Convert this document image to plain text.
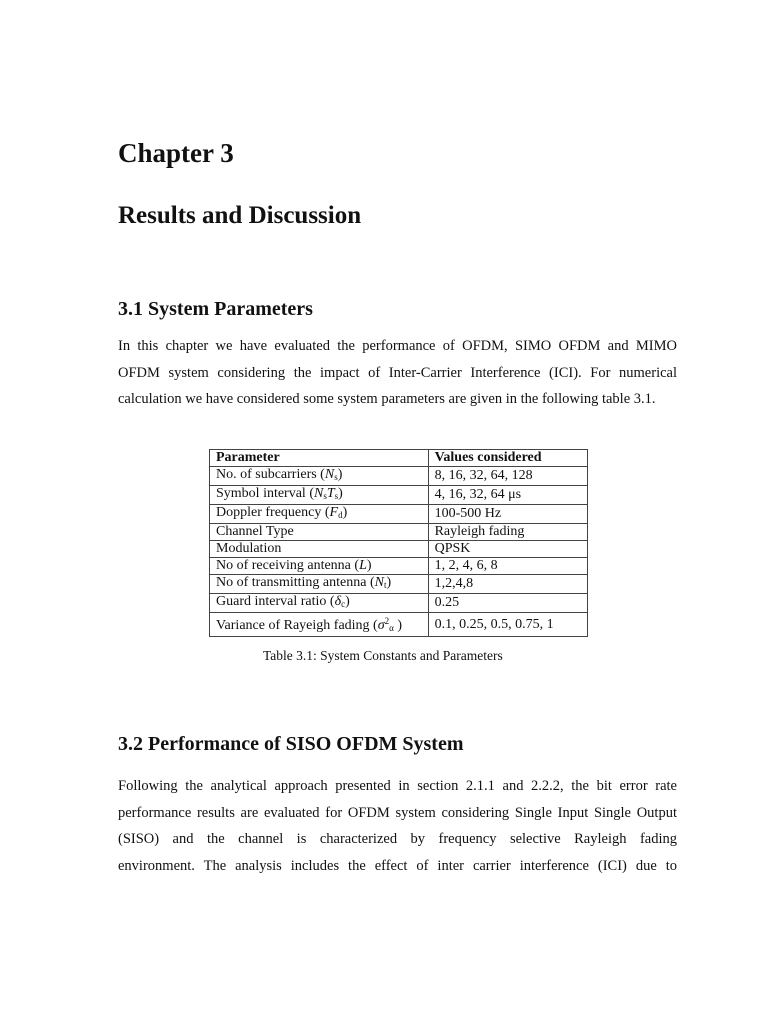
Chapter 3
Results and Discussion
3.1 System Parameters

In this chapter we have evaluated the performance of OFDM, SIMO OFDM and MIMO
OFDM system considering the impact of Inter-Carrier Interference (ICI). For numerical
calculation we have considered some system parameters are given in the following table 3.1.

Parameter	Values considered
No. of subcarriers $(N_s)$	8, 16, 32, 64, 128
Symbol interval $(N_sT_s)$	4, 16, 32, 64 μs
Doppler frequency $(F_d)$	100-500 Hz
Channel Type	Rayleigh fading
Modulation	QPSK
No of receiving antenna (L)	1, 2, 4, 6, 8
No of transmitting antenna $(N_t)$	1,2,4,8
Guard interval ratio $(\delta_c)$	0.25
Variance of Rayeigh fading ($\sigma^2_\alpha$ )	0.1, 0.25, 0.5, 0.75, 1

Table 3.1: System Constants and Parameters

3.2 Performance of SISO OFDM System

Following the analytical approach presented in section 2.1.1 and 2.2.2, the bit error rate
performance results are evaluated for OFDM system considering Single Input Single Output
(SISO) and the channel is characterized by frequency selective Rayleigh fading
environment. The analysis includes the effect of inter carrier interference (ICI) due to
